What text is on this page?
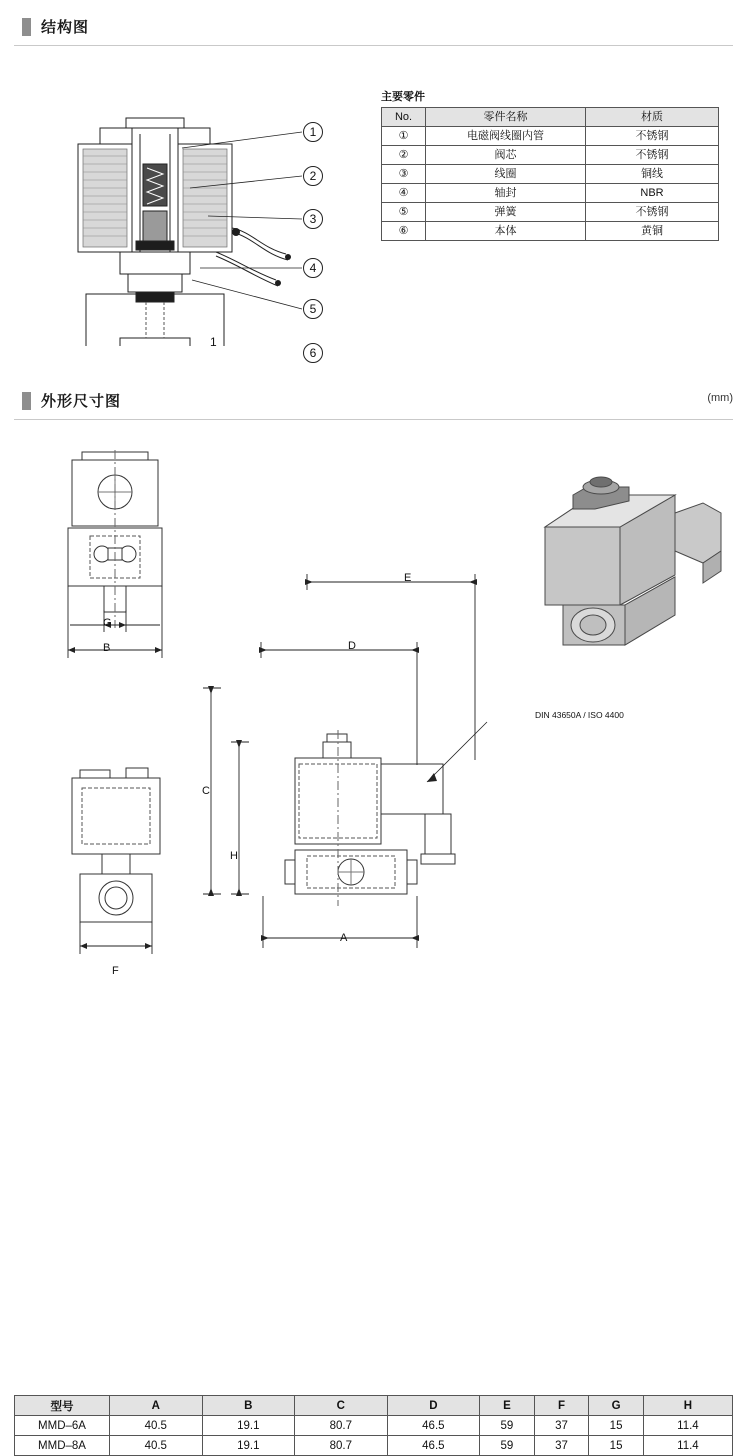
结构图
1
1
2
3
4
5
6
主要零件
No.	零件名称	材质
①	电磁阀线圈内管	不锈钢
②	阀芯	不锈钢
③	线圈	铜线
④	轴封	NBR
⑤	弹簧	不锈钢
⑥	本体	黄铜
外形尺寸图	(mm)
G
B
F
E
D
C
H
A
DIN 43650A / ISO 4400
型号	A	B	C	D	E	F	G	H
MMD–6A	40.5	19.1	80.7	46.5	59	37	15	11.4
MMD–8A	40.5	19.1	80.7	46.5	59	37	15	11.4
